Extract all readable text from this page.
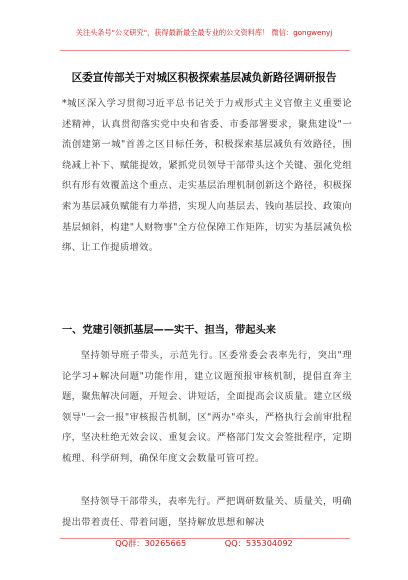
关注头条号"公文研究"，获得最新最全最专业的公文资料库！ 微信：gongwenyj
区委宣传部关于对城区积极探索基层减负新路径调研报告
*城区深入学习贯彻习近平总书记关于力戒形式主义官僚主义重要论述精神，认真贯彻落实党中央和省委、市委部署要求，聚焦建设"一流创建第一城"首善之区目标任务，积极探索基层减负有效路径，围绕减上补下、赋能提效，紧抓党员领导干部带头这个关键、强化党组织有形有效覆盖这个重点、走实基层治理机制创新这个路径，积极探索为基层减负赋能有力举措，实现人向基层去、钱向基层投、政策向基层倾斜，构建"人财物事"全方位保障工作矩阵，切实为基层减负松绑、让工作提质增效。
一、党建引领抓基层——实干、担当，带起头来
坚持领导班子带头，示范先行。区委常委会表率先行，突出"理论学习+解决问题"功能作用，建立议题预报审核机制，提倡直奔主题，聚焦解决问题，开短会、讲短话，全面提高会议质量。建立区级领导"一会一报"审核报告机制，区"两办"牵头，严格执行会前审批程序，坚决杜绝无效会议、重复会议。严格部门发文会签批程序，定期梳理、科学研判，确保年度文会数量可管可控。
坚持领导干部带头，表率先行。严把调研数量关、质量关，明确提出带着责任、带着问题，坚持解放思想和解决
QQ群：30265665	QQ：535304092
